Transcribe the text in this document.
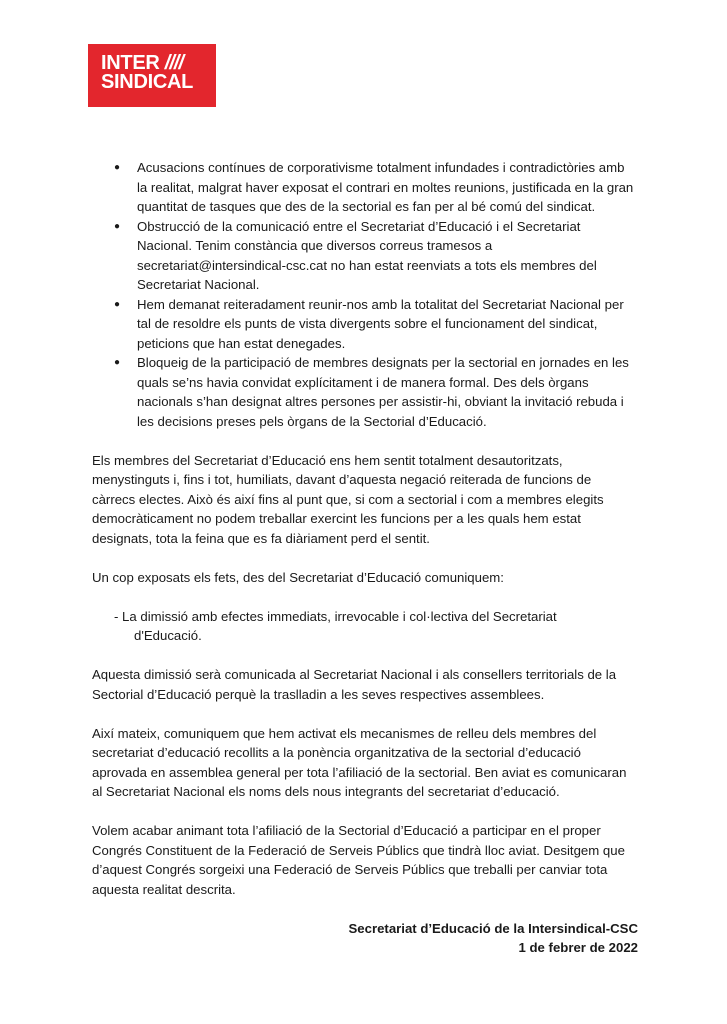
INTER ////
SINDICAL
● Acusacions contínues de corporativisme totalment infundades i contradictòries amb la realitat, malgrat haver exposat el contrari en moltes reunions, justificada en la gran quantitat de tasques que des de la sectorial es fan per al bé comú del sindicat.
● Obstrucció de la comunicació entre el Secretariat d’Educació i el Secretariat Nacional. Tenim constància que diversos correus tramesos a secretariat@intersindical-csc.cat no han estat reenviats a tots els membres del Secretariat Nacional.
● Hem demanat reiteradament reunir-nos amb la totalitat del Secretariat Nacional per tal de resoldre els punts de vista divergents sobre el funcionament del sindicat, peticions que han estat denegades.
● Bloqueig de la participació de membres designats per la sectorial en jornades en les quals se’ns havia convidat explícitament i de manera formal. Des dels òrgans nacionals s’han designat altres persones per assistir-hi, obviant la invitació rebuda i les decisions preses pels òrgans de la Sectorial d’Educació.

Els membres del Secretariat d’Educació ens hem sentit totalment desautoritzats, menystinguts i, fins i tot, humiliats, davant d’aquesta negació reiterada de funcions de càrrecs electes. Això és així fins al punt que, si com a sectorial i com a membres elegits democràticament no podem treballar exercint les funcions per a les quals hem estat designats, tota la feina que es fa diàriament perd el sentit.

Un cop exposats els fets, des del Secretariat d’Educació comuniquem:

- La dimissió amb efectes immediats, irrevocable i col·lectiva del Secretariat
d'Educació.

Aquesta dimissió serà comunicada al Secretariat Nacional i als consellers territorials de la Sectorial d’Educació perquè la traslladin a les seves respectives assemblees.

Així mateix, comuniquem que hem activat els mecanismes de relleu dels membres del secretariat d’educació recollits a la ponència organitzativa de la sectorial d’educació aprovada en assemblea general per tota l’afiliació de la sectorial. Ben aviat es comunicaran al Secretariat Nacional els noms dels nous integrants del secretariat d’educació.

Volem acabar animant tota l’afiliació de la Sectorial d’Educació a participar en el proper Congrés Constituent de la Federació de Serveis Públics que tindrà lloc aviat. Desitgem que d’aquest Congrés sorgeixi una Federació de Serveis Públics que treballi per canviar tota aquesta realitat descrita.

Secretariat d’Educació de la Intersindical-CSC
1 de febrer de 2022
